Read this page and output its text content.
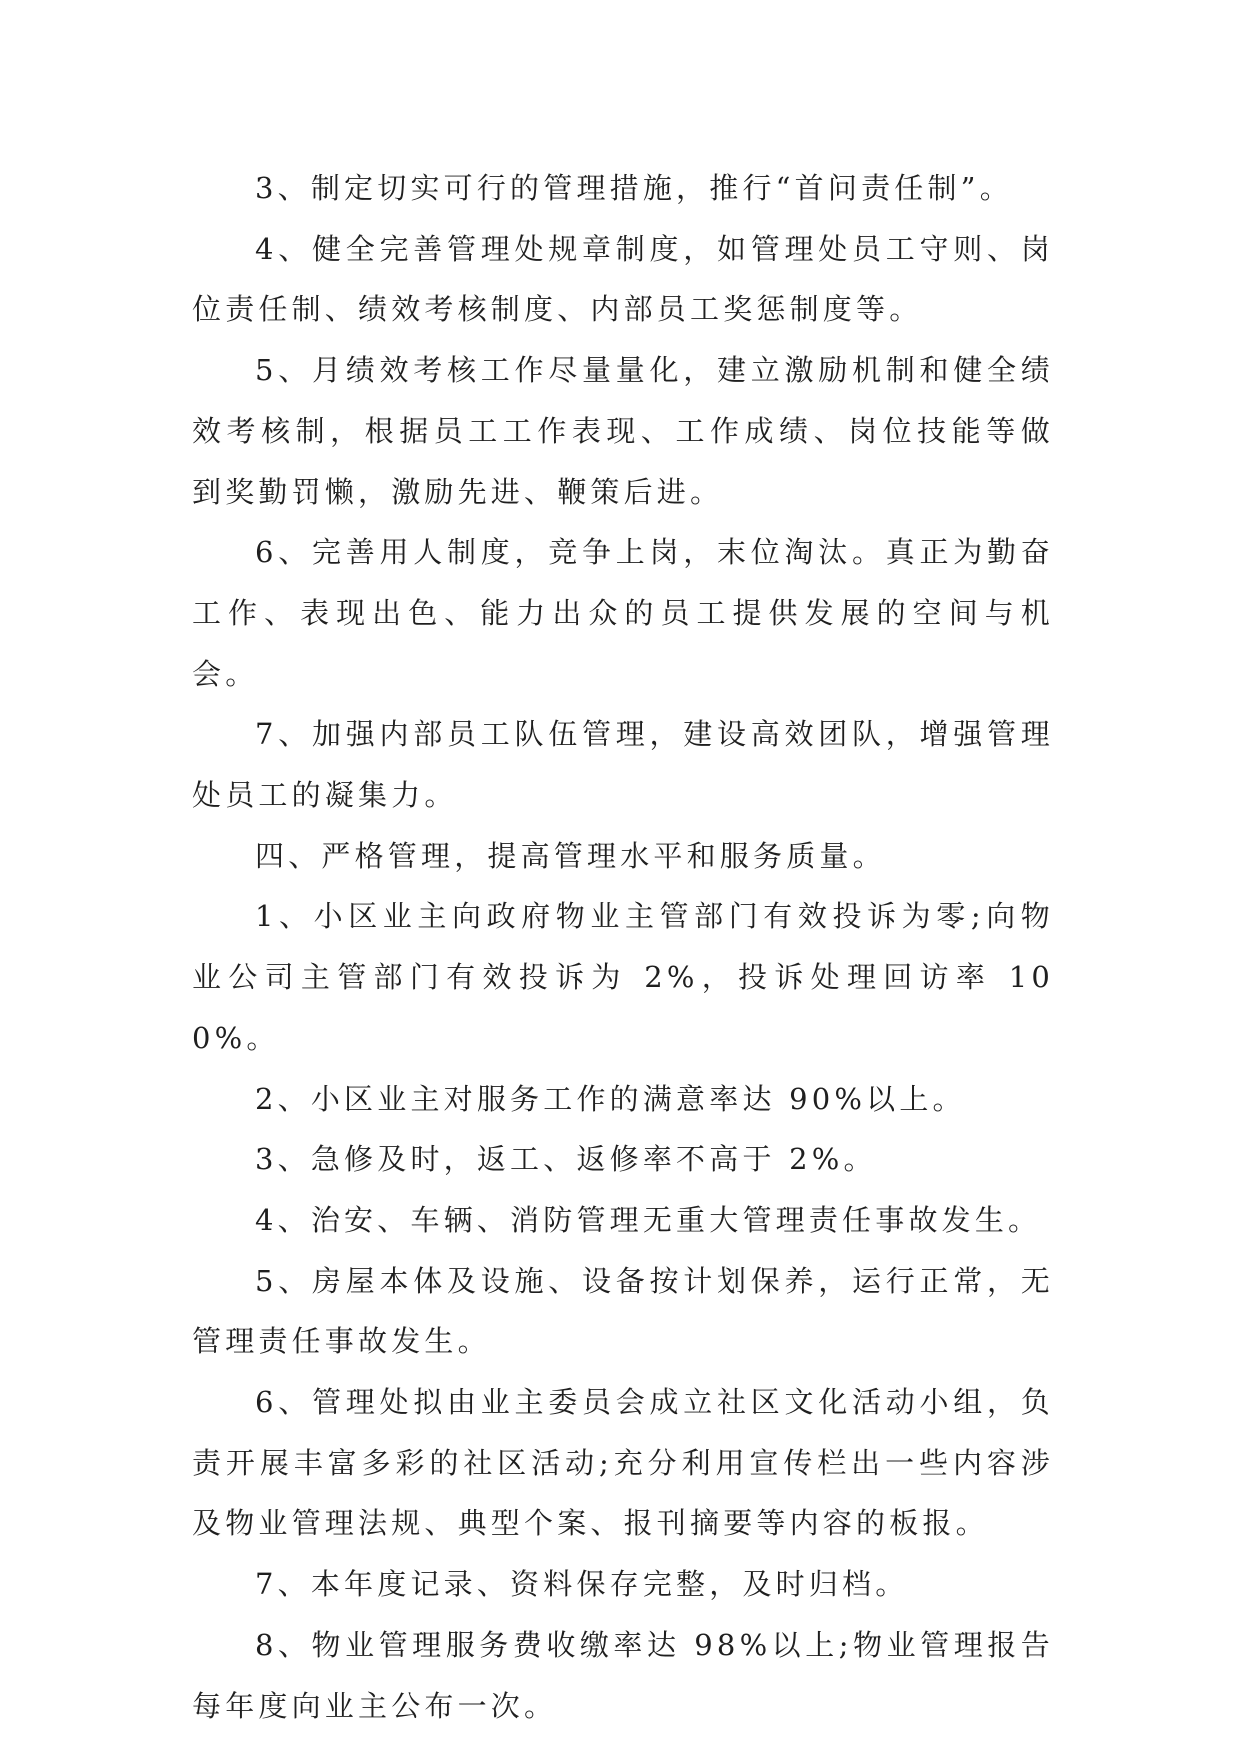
3、制定切实可行的管理措施，推行“首问责任制”。

4、健全完善管理处规章制度，如管理处员工守则、岗位责任制、绩效考核制度、内部员工奖惩制度等。

5、月绩效考核工作尽量量化，建立激励机制和健全绩效考核制，根据员工工作表现、工作成绩、岗位技能等做到奖勤罚懒，激励先进、鞭策后进。

6、完善用人制度，竞争上岗，末位淘汰。真正为勤奋工作、表现出色、能力出众的员工提供发展的空间与机会。

7、加强内部员工队伍管理，建设高效团队，增强管理处员工的凝集力。

四、严格管理，提高管理水平和服务质量。

1、小区业主向政府物业主管部门有效投诉为零;向物业公司主管部门有效投诉为 2%，投诉处理回访率 100%。

2、小区业主对服务工作的满意率达 90%以上。

3、急修及时，返工、返修率不高于 2%。

4、治安、车辆、消防管理无重大管理责任事故发生。

5、房屋本体及设施、设备按计划保养，运行正常，无管理责任事故发生。

6、管理处拟由业主委员会成立社区文化活动小组，负责开展丰富多彩的社区活动;充分利用宣传栏出一些内容涉及物业管理法规、典型个案、报刊摘要等内容的板报。

7、本年度记录、资料保存完整，及时归档。

8、物业管理服务费收缴率达 98%以上;物业管理报告每年度向业主公布一次。
